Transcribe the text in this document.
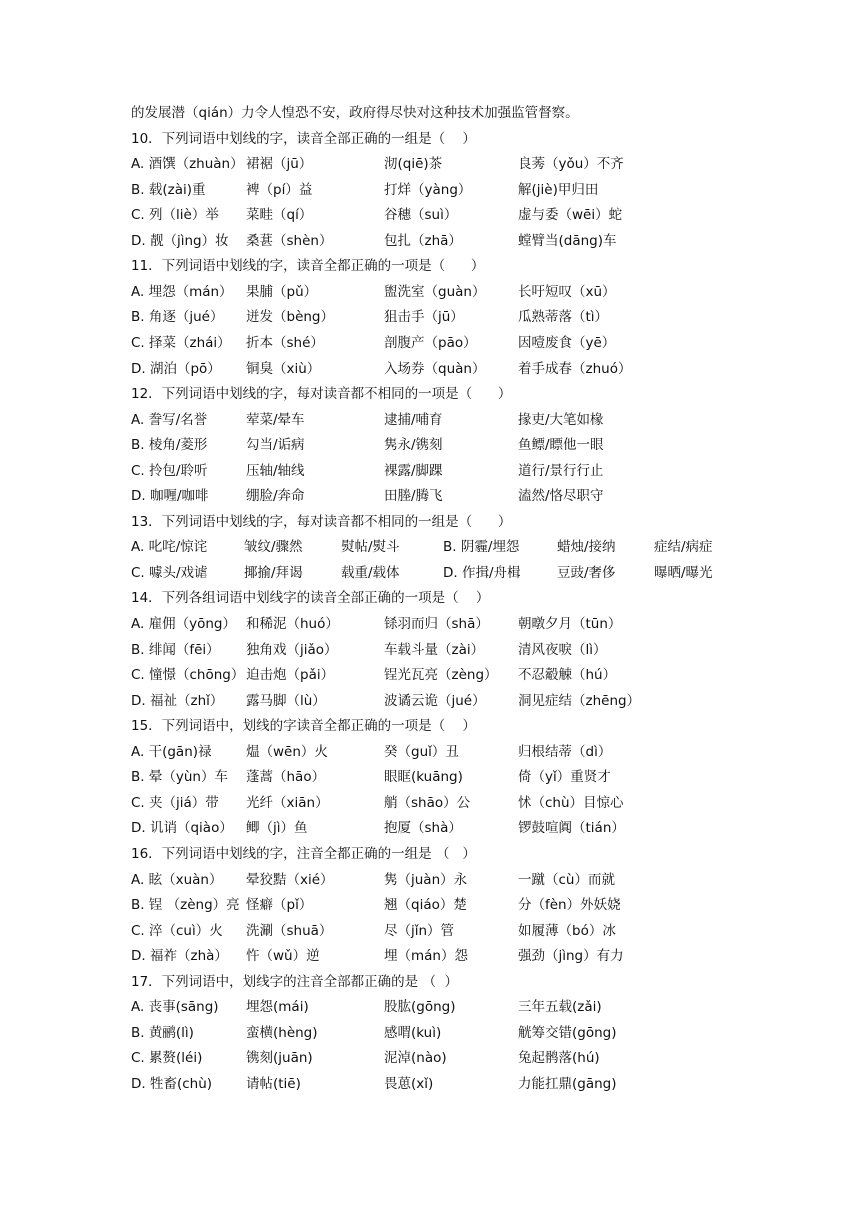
的发展潜（qián）力令人惶恐不安，政府得尽快对这种技术加强监管督察。
10．下列词语中划线的字，读音全部正确的一组是（    ）
A. 酒馔（zhuàn） 裙裾（jū）	沏(qiē)茶	良莠（yǒu）不齐
B. 载(zài)重	裨（pí）益	打烊（yàng）	解(jiè)甲归田
C. 列（liè）举 菜畦（qí）	谷穗（suì）	虚与委（wēi）蛇
D. 靓（jìng）妆 桑葚（shèn）	包扎（zhā）	螳臂当(dāng)车
11．下列词语中划线的字，读音全都正确的一项是（      ）
A. 埋怨（mán） 果脯（pǔ）	盥洗室（guàn） 长吁短叹（xū）
B. 角逐（jué） 迸发（bèng）	狙击手（jū）	瓜熟蒂落（tì）
C. 择菜（zhái） 折本（shé）	剖腹产（pāo）	因噎废食（yē）
D. 湖泊（pō） 铜臭（xiù）	入场券（quàn） 着手成春（zhuó）
12．下列词语中划线的字，每对读音都不相同的一项是（      ）
A. 誊写/名誉	荤菜/晕车	逮捕/哺育	掾吏/大笔如椽
B. 棱角/菱形	勾当/诟病	隽永/镌刻	鱼鳔/瞟他一眼
C. 拎包/聆听	压轴/轴线	裸露/脚踝	道行/景行行止
D. 咖喱/咖啡	绷脸/奔命	田塍/腾飞	溘然/恪尽职守
13．下列词语中划线的字，每对读音都不相同的一组是（      ）
A. 叱咤/惊诧	皱纹/骤然	熨帖/熨斗	B. 阴霾/埋怨	蜡烛/接纳	症结/病症
C. 噱头/戏谑	揶揄/拜谒	载重/载体	D. 作揖/舟楫	豆豉/奢侈	曝晒/曝光
14．下列各组词语中划线字的读音全部正确的一项是（    ）
A. 雇佣（yōng） 和稀泥（huó）	铩羽而归（shā） 朝暾夕月（tūn）
B. 绯闻（fēi） 独角戏（jiǎo）	车载斗量（zài）	清风夜唳（lì）
C. 憧憬（chōng） 迫击炮（pǎi）	锃光瓦亮（zèng） 不忍觳觫（hú）
D. 福祉（zhǐ） 露马脚（lù）	波谲云诡（jué） 洞见症结（zhēng）
15．下列词语中，划线的字读音全都正确的一项是（    ）
A. 干(gān)禄	煴（wēn）火	癸（guǐ）丑	归根结蒂（dì）
B. 晕（yùn）车 蓬蒿（hāo）	眼眶(kuāng)	倚（yǐ）重贤才
C. 夹（jiá）带 光纤（xiān）	艄（shāo）公	怵（chù）目惊心
D. 讥诮（qiào） 鲫（jì）鱼	抱厦（shà）	锣鼓喧阗（tián）
16．下列词语中划线的字，注音全都正确的一组是 （   ）
A. 眩（xuàn） 晕狡黠（xié）	隽（juàn）永	一蹴（cù）而就
B. 锃 （zèng）亮 怪癖（pǐ）	翘（qiáo）楚	分（fèn）外妖娆
C. 淬（cuì）火 洗涮（shuā）	尽（jǐn）管	如履薄（bó）冰
D. 福祚（zhà） 忤（wǔ）逆	埋（mán）怨	强劲（jìng）有力
17．下列词语中，划线字的注音全部都正确的是 （  ）
A. 丧事(sāng) 埋怨(mái)	股肱(gōng)	三年五载(zǎi)
B. 黄鹂(lì)	蛮横(hèng)	感喟(kuì)	觥筹交错(gōng)
C. 累赘(léi)	镌刻(juān)	泥淖(nào)	兔起鹘落(hú)
D. 牲畜(chù)	请帖(tiē)	畏葸(xǐ)	力能扛鼎(gāng)
